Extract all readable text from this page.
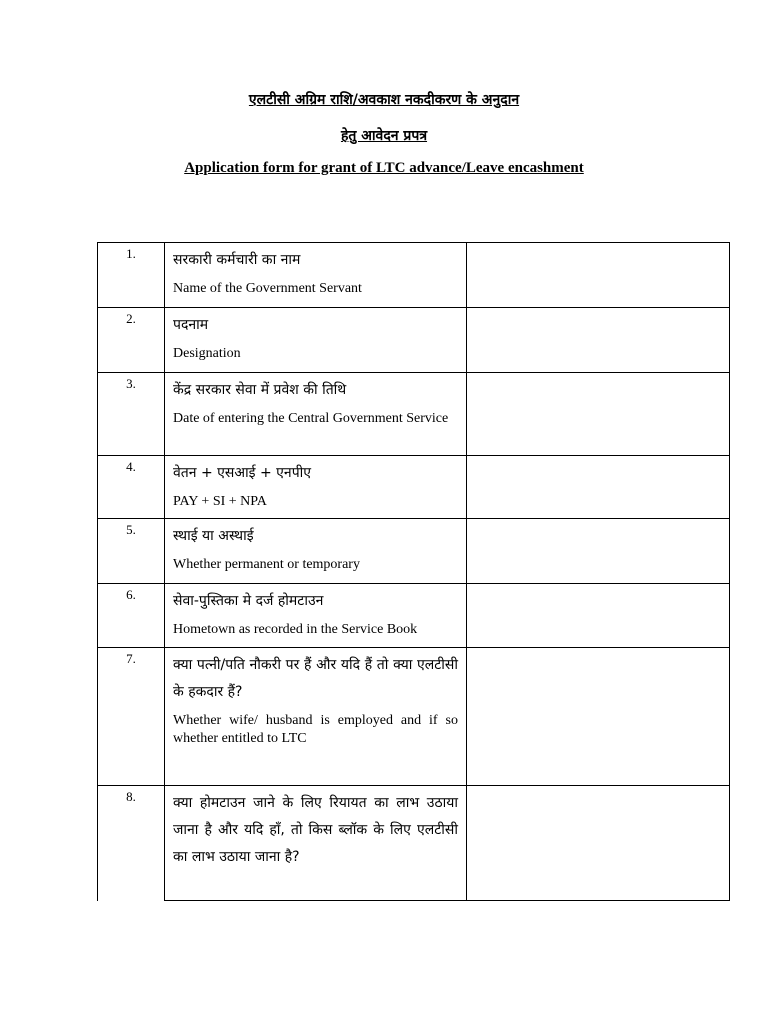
एलटीसी अग्रिम राशि/अवकाश नकदीकरण के अनुदान
हेतु आवेदन प्रपत्र
Application form for grant of LTC advance/Leave encashment
1.	सरकारी कर्मचारी का नाम

Name of the Government Servant	

2.	पदनाम

Designation	

3.	केंद्र सरकार सेवा में प्रवेश की तिथि

Date of entering the Central Government Service	

4.	वेतन + एसआई + एनपीए

PAY + SI + NPA	

5.	स्थाई या अस्थाई

Whether permanent or temporary	

6.	सेवा-पुस्तिका मे दर्ज होमटाउन

Hometown as recorded in the Service Book	

7.	क्या पत्नी/पति नौकरी पर हैं और यदि हैं तो क्या एलटीसी के हकदार हैं?

Whether wife/ husband is employed and if so whether entitled to LTC	

8.	क्या होमटाउन जाने के लिए रियायत का लाभ उठाया जाना है और यदि हाँ, तो किस ब्लॉक के लिए एलटीसी का लाभ उठाया जाना है?	
